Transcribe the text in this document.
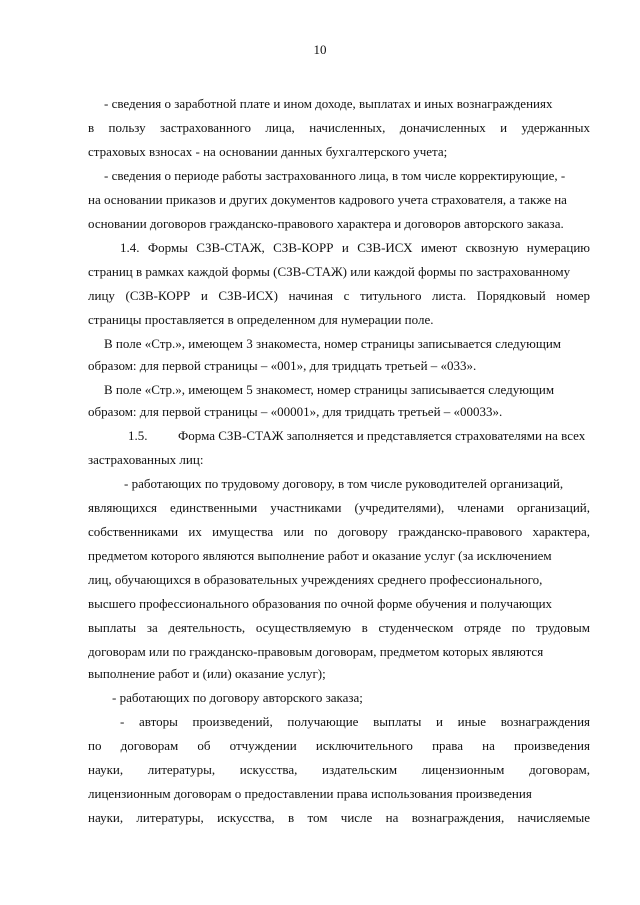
10
- сведения о заработной плате и ином доходе, выплатах и иных вознаграждениях
в пользу застрахованного лица, начисленных, доначисленных и удержанных
страховых взносах - на основании данных бухгалтерского учета;
- сведения о периоде работы застрахованного лица, в том числе корректирующие, -
на основании приказов и других документов кадрового учета страхователя, а также на
основании договоров гражданско-правового характера и договоров авторского заказа.
1.4. Формы СЗВ-СТАЖ, СЗВ-КОРР и СЗВ-ИСХ имеют сквозную нумерацию
страниц в рамках каждой формы (СЗВ-СТАЖ) или каждой формы по застрахованному
лицу (СЗВ-КОРР и СЗВ-ИСХ) начиная с титульного листа. Порядковый номер
страницы проставляется в определенном для нумерации поле.
В поле «Стр.», имеющем 3 знакоместа, номер страницы записывается следующим
образом: для первой страницы – «001», для тридцать третьей – «033».
В поле «Стр.», имеющем 5 знакомест, номер страницы записывается следующим
образом: для первой страницы – «00001», для тридцать третьей – «00033».
1.5. Форма СЗВ-СТАЖ заполняется и представляется страхователями на всех
застрахованных лиц:
- работающих по трудовому договору, в том числе руководителей организаций,
являющихся единственными участниками (учредителями), членами организаций,
собственниками их имущества или по договору гражданско-правового характера,
предметом которого являются выполнение работ и оказание услуг (за исключением
лиц, обучающихся в образовательных учреждениях среднего профессионального,
высшего профессионального образования по очной форме обучения и получающих
выплаты за деятельность, осуществляемую в студенческом отряде по трудовым
договорам или по гражданско-правовым договорам, предметом которых являются
выполнение работ и (или) оказание услуг);
- работающих по договору авторского заказа;
- авторы произведений, получающие выплаты и иные вознаграждения
по договорам об отчуждении исключительного права на произведения
науки, литературы, искусства, издательским лицензионным договорам,
лицензионным договорам о предоставлении права использования произведения
науки, литературы, искусства, в том числе на вознаграждения, начисляемые
